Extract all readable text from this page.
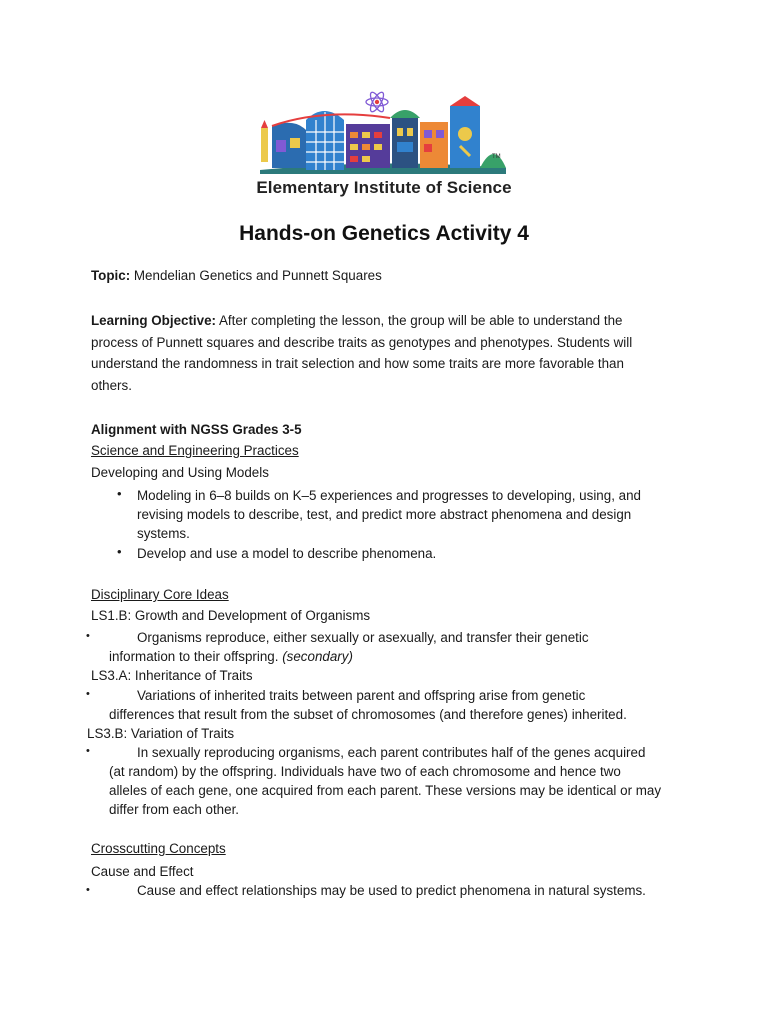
TM
Elementary Institute of Science
Hands-on Genetics Activity 4
Topic: Mendelian Genetics and Punnett Squares
Learning Objective: After completing the lesson, the group will be able to understand the
process of Punnett squares and describe traits as genotypes and phenotypes. Students will
understand the randomness in trait selection and how some traits are more favorable than
others.
Alignment with NGSS Grades 3-5
Science and Engineering Practices
Developing and Using Models
• Modeling in 6–8 builds on K–5 experiences and progresses to developing, using, and
revising models to describe, test, and predict more abstract phenomena and design
systems.
• Develop and use a model to describe phenomena.
Disciplinary Core Ideas
LS1.B: Growth and Development of Organisms
•	Organisms reproduce, either sexually or asexually, and transfer their genetic
information to their offspring. (secondary)
LS3.A: Inheritance of Traits
•	Variations of inherited traits between parent and offspring arise from genetic
differences that result from the subset of chromosomes (and therefore genes) inherited.
LS3.B: Variation of Traits
•	In sexually reproducing organisms, each parent contributes half of the genes acquired
(at random) by the offspring. Individuals have two of each chromosome and hence two
alleles of each gene, one acquired from each parent. These versions may be identical or may
differ from each other.
Crosscutting Concepts
Cause and Effect
•	Cause and effect relationships may be used to predict phenomena in natural systems.
